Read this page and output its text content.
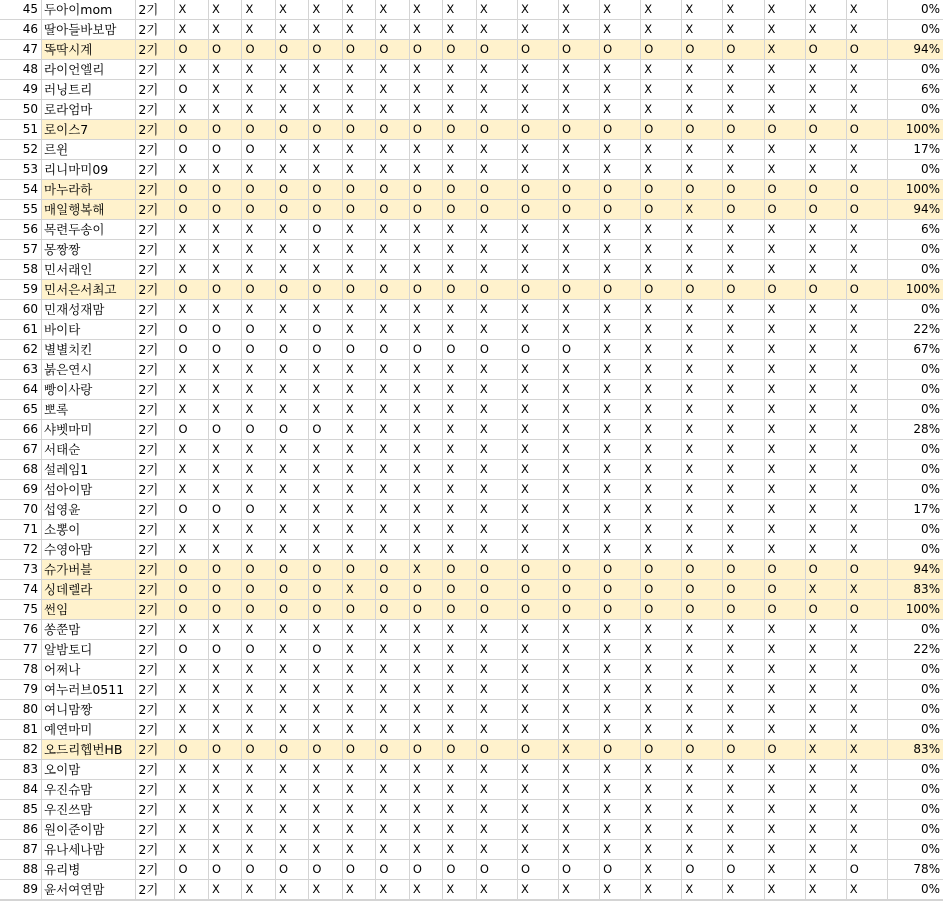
45 두아이mom	2기	X	X	X	X	X	X	X	X	X	X	X	X	X	X	X	X	X	X	X	0%
46 딸아들바보맘	2기	X	X	X	X	X	X	X	X	X	X	X	X	X	X	X	X	X	X	X	0%
47 똑딱시계	2기	O	O	O	O	O	O	O	O	O	O	O	O	O	O	O	O	X	O	O	94%
48 라이언엘리	2기	X	X	X	X	X	X	X	X	X	X	X	X	X	X	X	X	X	X	X	0%
49 러닝트리	2기	O	X	X	X	X	X	X	X	X	X	X	X	X	X	X	X	X	X	X	6%
50 로라엄마	2기	X	X	X	X	X	X	X	X	X	X	X	X	X	X	X	X	X	X	X	0%
51 로이스7	2기	O	O	O	O	O	O	O	O	O	O	O	O	O	O	O	O	O	O	O	100%
52 르윈	2기	O	O	O	X	X	X	X	X	X	X	X	X	X	X	X	X	X	X	X	17%
53 리니마미09	2기	X	X	X	X	X	X	X	X	X	X	X	X	X	X	X	X	X	X	X	0%
54 마누라하	2기	O	O	O	O	O	O	O	O	O	O	O	O	O	O	O	O	O	O	O	100%
55 매일행복해	2기	O	O	O	O	O	O	O	O	O	O	O	O	O	O	X	O	O	O	O	94%
56 목련두송이	2기	X	X	X	X	O	X	X	X	X	X	X	X	X	X	X	X	X	X	X	6%
57 몽짱짱	2기	X	X	X	X	X	X	X	X	X	X	X	X	X	X	X	X	X	X	X	0%
58 민서래인	2기	X	X	X	X	X	X	X	X	X	X	X	X	X	X	X	X	X	X	X	0%
59 민서은서최고	2기	O	O	O	O	O	O	O	O	O	O	O	O	O	O	O	O	O	O	O	100%
60 민재성재맘	2기	X	X	X	X	X	X	X	X	X	X	X	X	X	X	X	X	X	X	X	0%
61 바이타	2기	O	O	O	X	O	X	X	X	X	X	X	X	X	X	X	X	X	X	X	22%
62 별별치킨	2기	O	O	O	O	O	O	O	O	O	O	O	O	X	X	X	X	X	X	X	67%
63 붉은연시	2기	X	X	X	X	X	X	X	X	X	X	X	X	X	X	X	X	X	X	X	0%
64 빵이사랑	2기	X	X	X	X	X	X	X	X	X	X	X	X	X	X	X	X	X	X	X	0%
65 뽀록	2기	X	X	X	X	X	X	X	X	X	X	X	X	X	X	X	X	X	X	X	0%
66 샤벳마미	2기	O	O	O	O	O	X	X	X	X	X	X	X	X	X	X	X	X	X	X	28%
67 서태순	2기	X	X	X	X	X	X	X	X	X	X	X	X	X	X	X	X	X	X	X	0%
68 설레임1	2기	X	X	X	X	X	X	X	X	X	X	X	X	X	X	X	X	X	X	X	0%
69 섬아이맘	2기	X	X	X	X	X	X	X	X	X	X	X	X	X	X	X	X	X	X	X	0%
70 섭영윤	2기	O	O	O	X	X	X	X	X	X	X	X	X	X	X	X	X	X	X	X	17%
71 소뽕이	2기	X	X	X	X	X	X	X	X	X	X	X	X	X	X	X	X	X	X	X	0%
72 수영아맘	2기	X	X	X	X	X	X	X	X	X	X	X	X	X	X	X	X	X	X	X	0%
73 슈가버블	2기	O	O	O	O	O	O	O	X	O	O	O	O	O	O	O	O	O	O	O	94%
74 싱데렐라	2기	O	O	O	O	O	X	O	O	O	O	O	O	O	O	O	O	O	X	X	83%
75 썬임	2기	O	O	O	O	O	O	O	O	O	O	O	O	O	O	O	O	O	O	O	100%
76 쏭쭌맘	2기	X	X	X	X	X	X	X	X	X	X	X	X	X	X	X	X	X	X	X	0%
77 알밤토디	2기	O	O	O	X	O	X	X	X	X	X	X	X	X	X	X	X	X	X	X	22%
78 어쩌나	2기	X	X	X	X	X	X	X	X	X	X	X	X	X	X	X	X	X	X	X	0%
79 여누러브0511	2기	X	X	X	X	X	X	X	X	X	X	X	X	X	X	X	X	X	X	X	0%
80 여니맘짱	2기	X	X	X	X	X	X	X	X	X	X	X	X	X	X	X	X	X	X	X	0%
81 예연마미	2기	X	X	X	X	X	X	X	X	X	X	X	X	X	X	X	X	X	X	X	0%
82 오드리헵번HB	2기	O	O	O	O	O	O	O	O	O	O	O	X	O	O	O	O	O	X	X	83%
83 오이맘	2기	X	X	X	X	X	X	X	X	X	X	X	X	X	X	X	X	X	X	X	0%
84 우진슈맘	2기	X	X	X	X	X	X	X	X	X	X	X	X	X	X	X	X	X	X	X	0%
85 우진쓰맘	2기	X	X	X	X	X	X	X	X	X	X	X	X	X	X	X	X	X	X	X	0%
86 원이준이맘	2기	X	X	X	X	X	X	X	X	X	X	X	X	X	X	X	X	X	X	X	0%
87 유나세나맘	2기	X	X	X	X	X	X	X	X	X	X	X	X	X	X	X	X	X	X	X	0%
88 유리병	2기	O	O	O	O	O	O	O	O	O	O	O	O	O	X	O	O	X	X	O	78%
89 윤서여연맘	2기	X	X	X	X	X	X	X	X	X	X	X	X	X	X	X	X	X	X	X	0%
